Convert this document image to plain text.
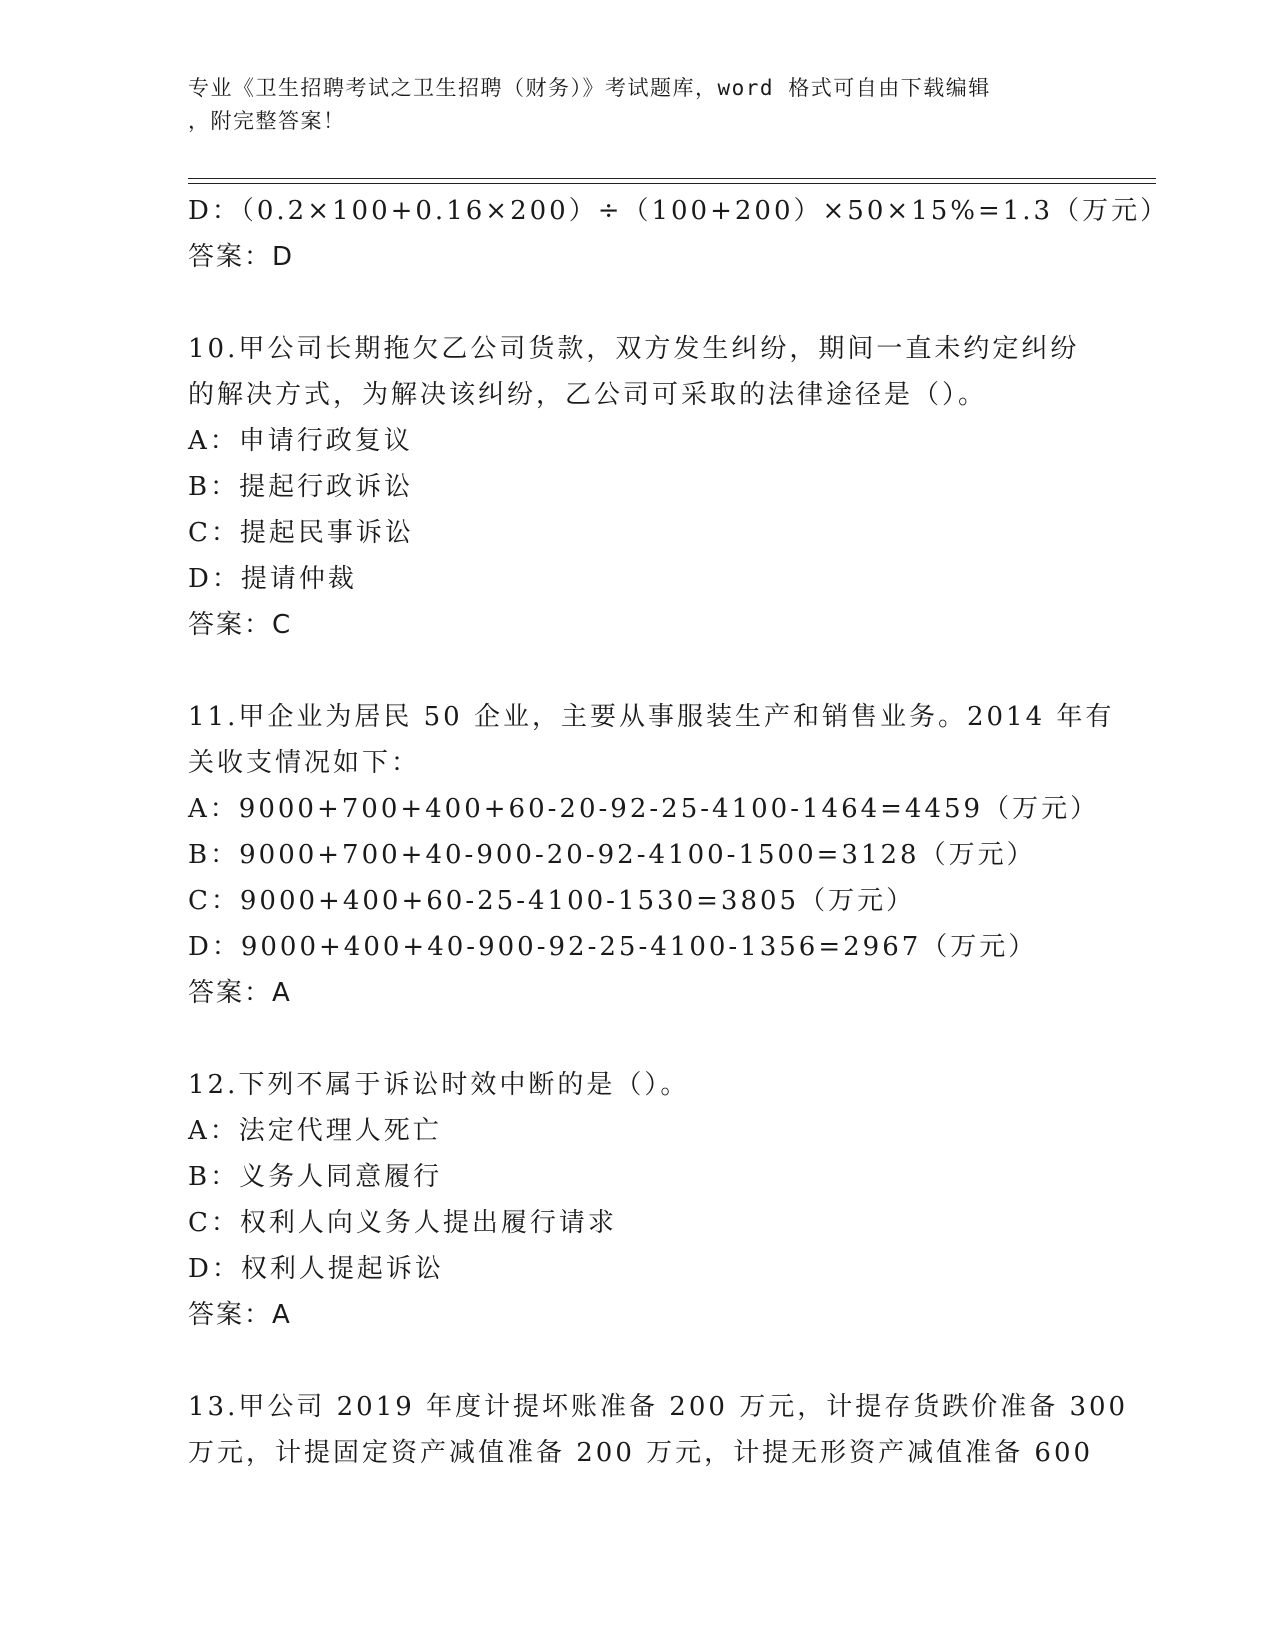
专业《卫生招聘考试之卫生招聘（财务）》考试题库，word 格式可自由下载编辑
，附完整答案！
D：（0.2×100+0.16×200）÷（100+200）×50×15%=1.3（万元）
答案：D
10.甲公司长期拖欠乙公司货款，双方发生纠纷，期间一直未约定纠纷
的解决方式，为解决该纠纷，乙公司可采取的法律途径是（）。
A：申请行政复议
B：提起行政诉讼
C：提起民事诉讼
D：提请仲裁
答案：C
11.甲企业为居民 50 企业，主要从事服装生产和销售业务。2014 年有
关收支情况如下：
A：9000+700+400+60-20-92-25-4100-1464=4459（万元）
B：9000+700+40-900-20-92-4100-1500=3128（万元）
C：9000+400+60-25-4100-1530=3805（万元）
D：9000+400+40-900-92-25-4100-1356=2967（万元）
答案：A
12.下列不属于诉讼时效中断的是（）。
A：法定代理人死亡
B：义务人同意履行
C：权利人向义务人提出履行请求
D：权利人提起诉讼
答案：A
13.甲公司 2019 年度计提坏账准备 200 万元，计提存货跌价准备 300
万元，计提固定资产减值准备 200 万元，计提无形资产减值准备 600
